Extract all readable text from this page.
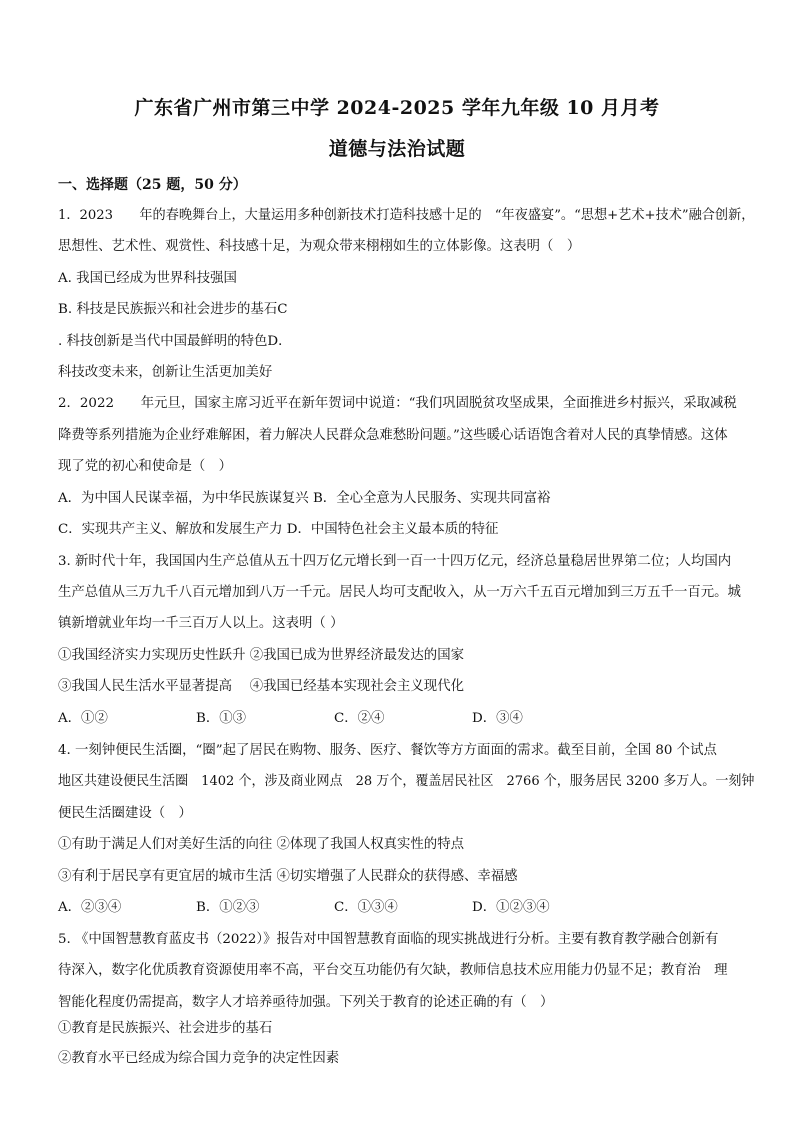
广东省广州市第三中学 2024-2025 学年九年级 10 月月考
道德与法治试题
一、选择题（25 题，50 分）
1．2023　　年的春晚舞台上，大量运用多种创新技术打造科技感十足的　“年夜盛宴”。“思想+艺术+技术”融合创新，
思想性、艺术性、观赏性、科技感十足，为观众带来栩栩如生的立体影像。这表明（　）
A. 我国已经成为世界科技强国
B. 科技是民族振兴和社会进步的基石C
. 科技创新是当代中国最鲜明的特色D．
科技改变未来，创新让生活更加美好
2．2022　　年元旦，国家主席习近平在新年贺词中说道：“我们巩固脱贫攻坚成果，全面推进乡村振兴，采取减税
降费等系列措施为企业纾难解困，着力解决人民群众急难愁盼问题。”这些暖心话语饱含着对人民的真挚情感。这体
现了党的初心和使命是（　）
A．为中国人民谋幸福，为中华民族谋复兴 B．全心全意为人民服务、实现共同富裕
C．实现共产主义、解放和发展生产力 D．中国特色社会主义最本质的特征
3. 新时代十年，我国国内生产总值从五十四万亿元增长到一百一十四万亿元，经济总量稳居世界第二位；人均国内
生产总值从三万九千八百元增加到八万一千元。居民人均可支配收入，从一万六千五百元增加到三万五千一百元。城
镇新增就业年均一千三百万人以上。这表明（ ）
①我国经济实力实现历史性跃升 ②我国已成为世界经济最发达的国家
③我国人民生活水平显著提高　 ④我国已经基本实现社会主义现代化
A．①②	B．①③	C．②④	D．③④
4. 一刻钟便民生活圈，“圈”起了居民在购物、服务、医疗、餐饮等方方面面的需求。截至目前，全国 80 个试点
地区共建设便民生活圈　1402 个，涉及商业网点　28 万个，覆盖居民社区　2766 个，服务居民 3200 多万人。一刻钟
便民生活圈建设（　）
①有助于满足人们对美好生活的向往 ②体现了我国人权真实性的特点
③有利于居民享有更宜居的城市生活 ④切实增强了人民群众的获得感、幸福感
A．②③④	B．①②③	C．①③④	D．①②③④
5. 《中国智慧教育蓝皮书（2022）》报告对中国智慧教育面临的现实挑战进行分析。主要有教育教学融合创新有
待深入，数字化优质教育资源使用率不高，平台交互功能仍有欠缺，教师信息技术应用能力仍显不足；教育治　理
智能化程度仍需提高，数字人才培养亟待加强。下列关于教育的论述正确的有（　）
①教育是民族振兴、社会进步的基石
②教育水平已经成为综合国力竞争的决定性因素
